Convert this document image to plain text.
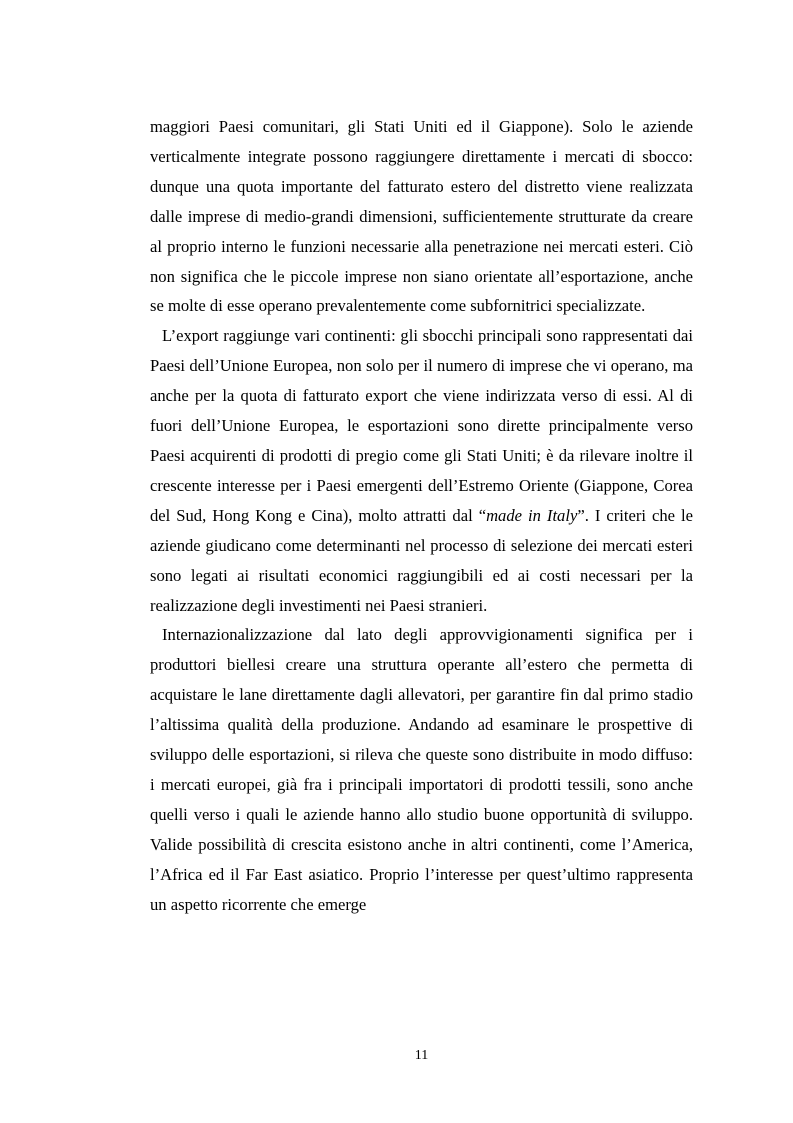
maggiori Paesi comunitari, gli Stati Uniti ed il Giappone). Solo le aziende verticalmente integrate possono raggiungere direttamente i mercati di sbocco: dunque una quota importante del fatturato estero del distretto viene realizzata dalle imprese di medio-grandi dimensioni, sufficientemente strutturate da creare al proprio interno le funzioni necessarie alla penetrazione nei mercati esteri. Ciò non significa che le piccole imprese non siano orientate all’esportazione, anche se molte di esse operano prevalentemente come subfornitrici specializzate.

L’export raggiunge vari continenti: gli sbocchi principali sono rappresentati dai Paesi dell’Unione Europea, non solo per il numero di imprese che vi operano, ma anche per la quota di fatturato export che viene indirizzata verso di essi. Al di fuori dell’Unione Europea, le esportazioni sono dirette principalmente verso Paesi acquirenti di prodotti di pregio come gli Stati Uniti; è da rilevare inoltre il crescente interesse per i Paesi emergenti dell’Estremo Oriente (Giappone, Corea del Sud, Hong Kong e Cina), molto attratti dal “made in Italy”. I criteri che le aziende giudicano come determinanti nel processo di selezione dei mercati esteri sono legati ai risultati economici raggiungibili ed ai costi necessari per la realizzazione degli investimenti nei Paesi stranieri.

Internazionalizzazione dal lato degli approvvigionamenti significa per i produttori biellesi creare una struttura operante all’estero che permetta di acquistare le lane direttamente dagli allevatori, per garantire fin dal primo stadio l’altissima qualità della produzione. Andando ad esaminare le prospettive di sviluppo delle esportazioni, si rileva che queste sono distribuite in modo diffuso: i mercati europei, già fra i principali importatori di prodotti tessili, sono anche quelli verso i quali le aziende hanno allo studio buone opportunità di sviluppo. Valide possibilità di crescita esistono anche in altri continenti, come l’America, l’Africa ed il Far East asiatico. Proprio l’interesse per quest’ultimo rappresenta un aspetto ricorrente che emerge

11
